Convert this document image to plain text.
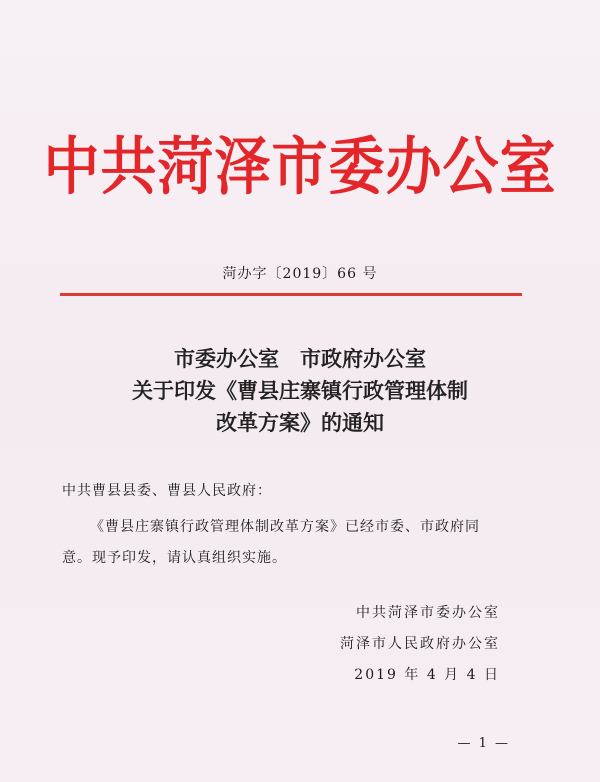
中共菏泽市委办公室
菏办字〔2019〕66 号
市委办公室　市政府办公室
关于印发《曹县庄寨镇行政管理体制
改革方案》的通知
中共曹县县委、曹县人民政府：
《曹县庄寨镇行政管理体制改革方案》已经市委、市政府同
意。现予印发，请认真组织实施。
中共菏泽市委办公室
菏泽市人民政府办公室
2019 年 4 月 4 日
— 1 —
